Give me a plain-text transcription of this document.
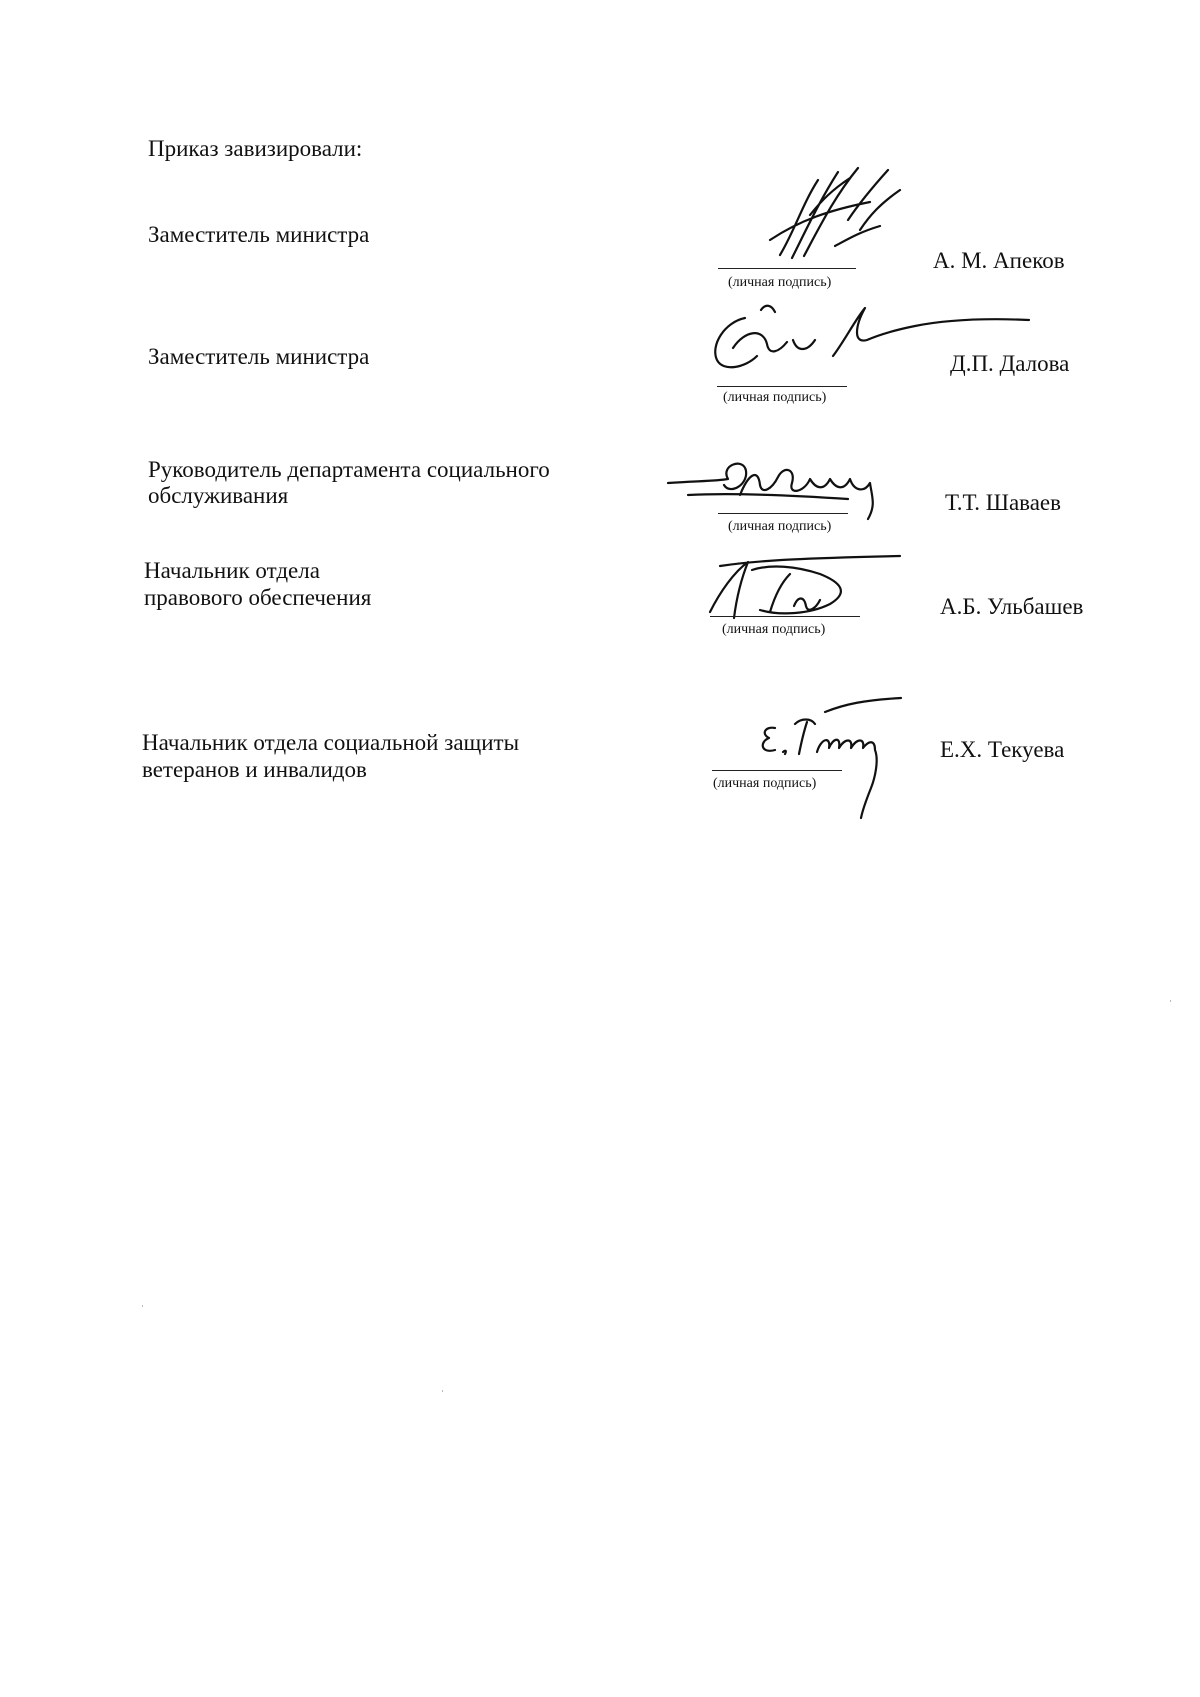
Приказ завизировали:
Заместитель министра
(личная подпись)
А. М. Апеков
Заместитель министра
(личная подпись)
Д.П. Далова
Руководитель департамента социального
обслуживания
(личная подпись)
Т.Т. Шаваев
Начальник отдела
правового обеспечения
(личная подпись)
А.Б. Ульбашев
Начальник отдела социальной защиты
ветеранов и инвалидов
(личная подпись)
Е.Х. Текуева
